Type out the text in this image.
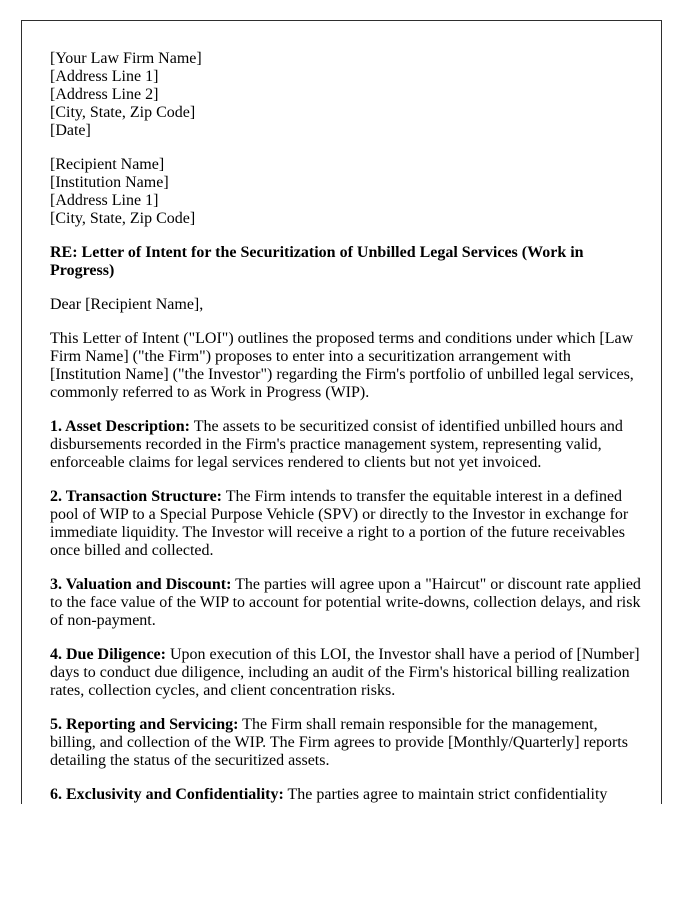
[Your Law Firm Name]
[Address Line 1]
[Address Line 2]
[City, State, Zip Code]
[Date]

[Recipient Name]
[Institution Name]
[Address Line 1]
[City, State, Zip Code]

RE: Letter of Intent for the Securitization of Unbilled Legal Services (Work in Progress)

Dear [Recipient Name],

This Letter of Intent ("LOI") outlines the proposed terms and conditions under which [Law Firm Name] ("the Firm") proposes to enter into a securitization arrangement with [Institution Name] ("the Investor") regarding the Firm's portfolio of unbilled legal services, commonly referred to as Work in Progress (WIP).

1. Asset Description: The assets to be securitized consist of identified unbilled hours and disbursements recorded in the Firm's practice management system, representing valid, enforceable claims for legal services rendered to clients but not yet invoiced.

2. Transaction Structure: The Firm intends to transfer the equitable interest in a defined pool of WIP to a Special Purpose Vehicle (SPV) or directly to the Investor in exchange for immediate liquidity. The Investor will receive a right to a portion of the future receivables once billed and collected.

3. Valuation and Discount: The parties will agree upon a "Haircut" or discount rate applied to the face value of the WIP to account for potential write-downs, collection delays, and risk of non-payment.

4. Due Diligence: Upon execution of this LOI, the Investor shall have a period of [Number] days to conduct due diligence, including an audit of the Firm's historical billing realization rates, collection cycles, and client concentration risks.

5. Reporting and Servicing: The Firm shall remain responsible for the management, billing, and collection of the WIP. The Firm agrees to provide [Monthly/Quarterly] reports detailing the status of the securitized assets.

6. Exclusivity and Confidentiality: The parties agree to maintain strict confidentiality
